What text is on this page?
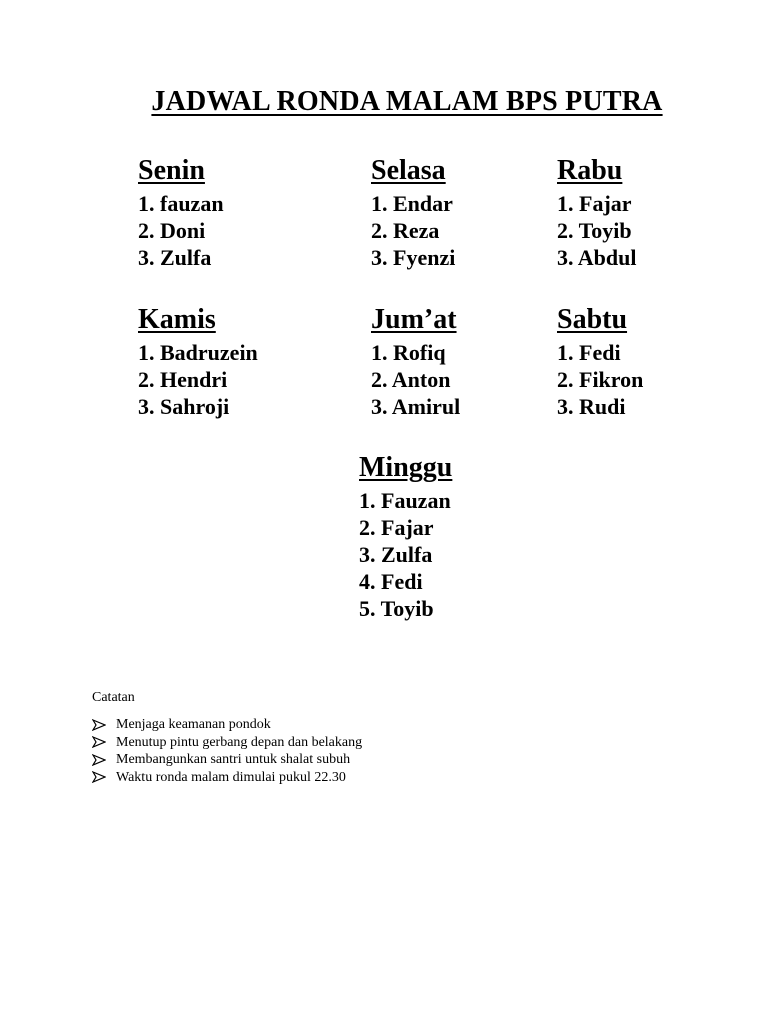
JADWAL RONDA MALAM BPS PUTRA
Senin
1. fauzan
2. Doni
3. Zulfa
Selasa
1. Endar
2. Reza
3. Fyenzi
Rabu
1. Fajar
2. Toyib
3. Abdul
Kamis
1. Badruzein
2. Hendri
3. Sahroji
Jum’at
1. Rofiq
2. Anton
3. Amirul
Sabtu
1. Fedi
2. Fikron
3. Rudi
Minggu
1. Fauzan
2. Fajar
3. Zulfa
4. Fedi
5. Toyib
Catatan
Menjaga keamanan pondok
Menutup pintu gerbang depan dan belakang
Membangunkan santri untuk shalat subuh
Waktu ronda malam dimulai pukul 22.30
